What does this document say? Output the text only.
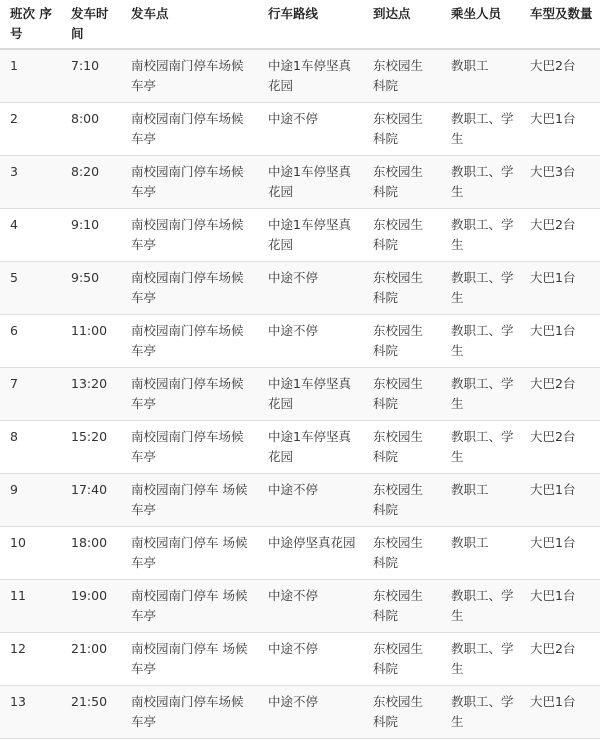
班次 序号	发车时间	发车点	行车路线	到达点	乘坐人员	车型及数量
1	7:10	南校园南门停车场候车亭	中途1车停坚真花园	东校园生科院	教职工	大巴2台
2	8:00	南校园南门停车场候车亭	中途不停	东校园生科院	教职工、学生	大巴1台
3	8:20	南校园南门停车场候车亭	中途1车停坚真花园	东校园生科院	教职工、学生	大巴3台
4	9:10	南校园南门停车场候车亭	中途1车停坚真花园	东校园生科院	教职工、学生	大巴2台
5	9:50	南校园南门停车场候车亭	中途不停	东校园生科院	教职工、学生	大巴1台
6	11:00	南校园南门停车场候车亭	中途不停	东校园生科院	教职工、学生	大巴1台
7	13:20	南校园南门停车场候车亭	中途1车停坚真花园	东校园生科院	教职工、学生	大巴2台
8	15:20	南校园南门停车场候车亭	中途1车停坚真花园	东校园生科院	教职工、学生	大巴2台
9	17:40	南校园南门停车 场候车亭	中途不停	东校园生科院	教职工	大巴1台
10	18:00	南校园南门停车 场候车亭	中途停坚真花园	东校园生科院	教职工	大巴1台
11	19:00	南校园南门停车 场候车亭	中途不停	东校园生科院	教职工、学生	大巴1台
12	21:00	南校园南门停车 场候车亭	中途不停	东校园生科院	教职工、学生	大巴2台
13	21:50	南校园南门停车场候车亭	中途不停	东校园生科院	教职工、学生	大巴1台
